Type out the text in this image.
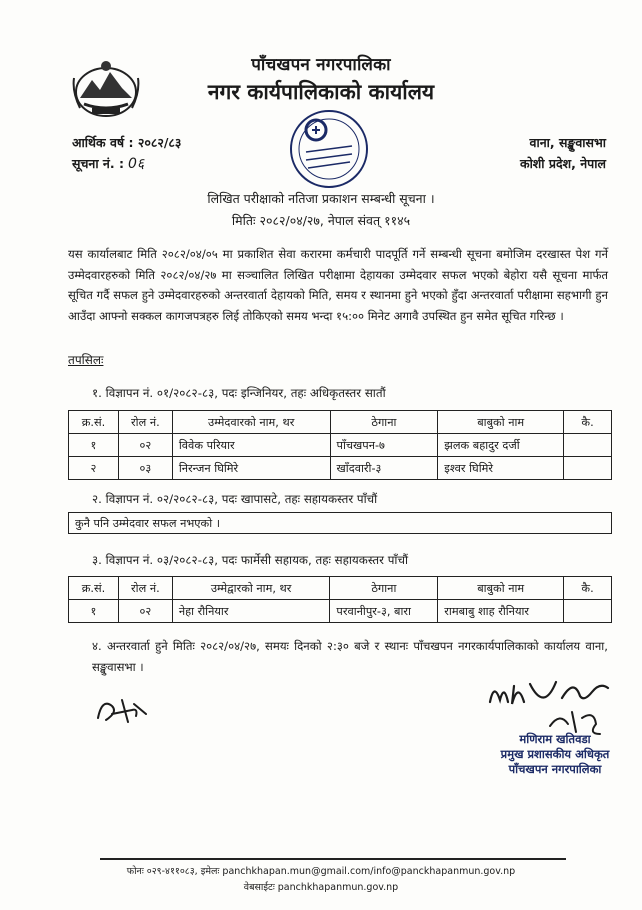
पाँचखपन नगरपालिका
नगर कार्यपालिकाको कार्यालय
आर्थिक वर्ष : २०८२/८३
सूचना नं. : 0६
वाना, सङ्खुवासभा
कोशी प्रदेश, नेपाल
लिखित परीक्षाको नतिजा प्रकाशन सम्बन्धी सूचना ।
मितिः २०८२/०४/२७, नेपाल संवत् ११४५
यस कार्यालबाट मिति २०८२/०४/०५ मा प्रकाशित सेवा करारमा कर्मचारी पादपूर्ति गर्ने सम्बन्धी सूचना बमोजिम दरखास्त पेश गर्ने उम्मेदवारहरुको मिति २०८२/०४/२७ मा सञ्चालित लिखित परीक्षामा देहायका उम्मेदवार सफल भएको बेहोरा यसै सूचना मार्फत सूचित गर्दै सफल हुने उम्मेदवारहरुको अन्तरवार्ता देहायको मिति, समय र स्थानमा हुने भएको हुँदा अन्तरवार्ता परीक्षामा सहभागी हुन आउँदा आफ्नो सक्कल कागजपत्रहरु लिई तोकिएको समय भन्दा १५:०० मिनेट अगावै उपस्थित हुन समेत सूचित गरिन्छ ।
तपसिलः
१. विज्ञापन नं. ०१/२०८२-८३, पदः इन्जिनियर, तहः अधिकृतस्तर सातौं
क्र.सं.	रोल नं.	उम्मेदवारको नाम, थर	ठेगाना	बाबुको नाम	कै.
१	०२	विवेक परियार	पाँचखपन-७	झलक बहादुर दर्जी	
२	०३	निरन्जन घिमिरे	खाँदवारी-३	इश्वर घिमिरे	
२. विज्ञापन नं. ०२/२०८२-८३, पदः खापासटे, तहः सहायकस्तर पाँचौं
कुनै पनि उम्मेदवार सफल नभएको ।
३. विज्ञापन नं. ०३/२०८२-८३, पदः फार्मेसी सहायक, तहः सहायकस्तर पाँचौं
क्र.सं.	रोल नं.	उम्मेद्वारको नाम, थर	ठेगाना	बाबुको नाम	कै.
१	०२	नेहा रौनियार	परवानीपुर-३, बारा	रामबाबु शाह रौनियार	
४. अन्तरवार्ता हुने मितिः २०८२/०४/२७, समयः दिनको २:३० बजे र स्थानः पाँचखपन नगरकार्यपालिकाको कार्यालय वाना, सङ्खुवासभा ।
मणिराम खतिवडा
प्रमुख प्रशासकीय अधिकृत
पाँचखपन नगरपालिका
फोनः ०२९-४११०८३, इमेलः panchkhapan.mun@gmail.com/info@panckhapanmun.gov.np
वेबसाईटः panchkhapanmun.gov.np
